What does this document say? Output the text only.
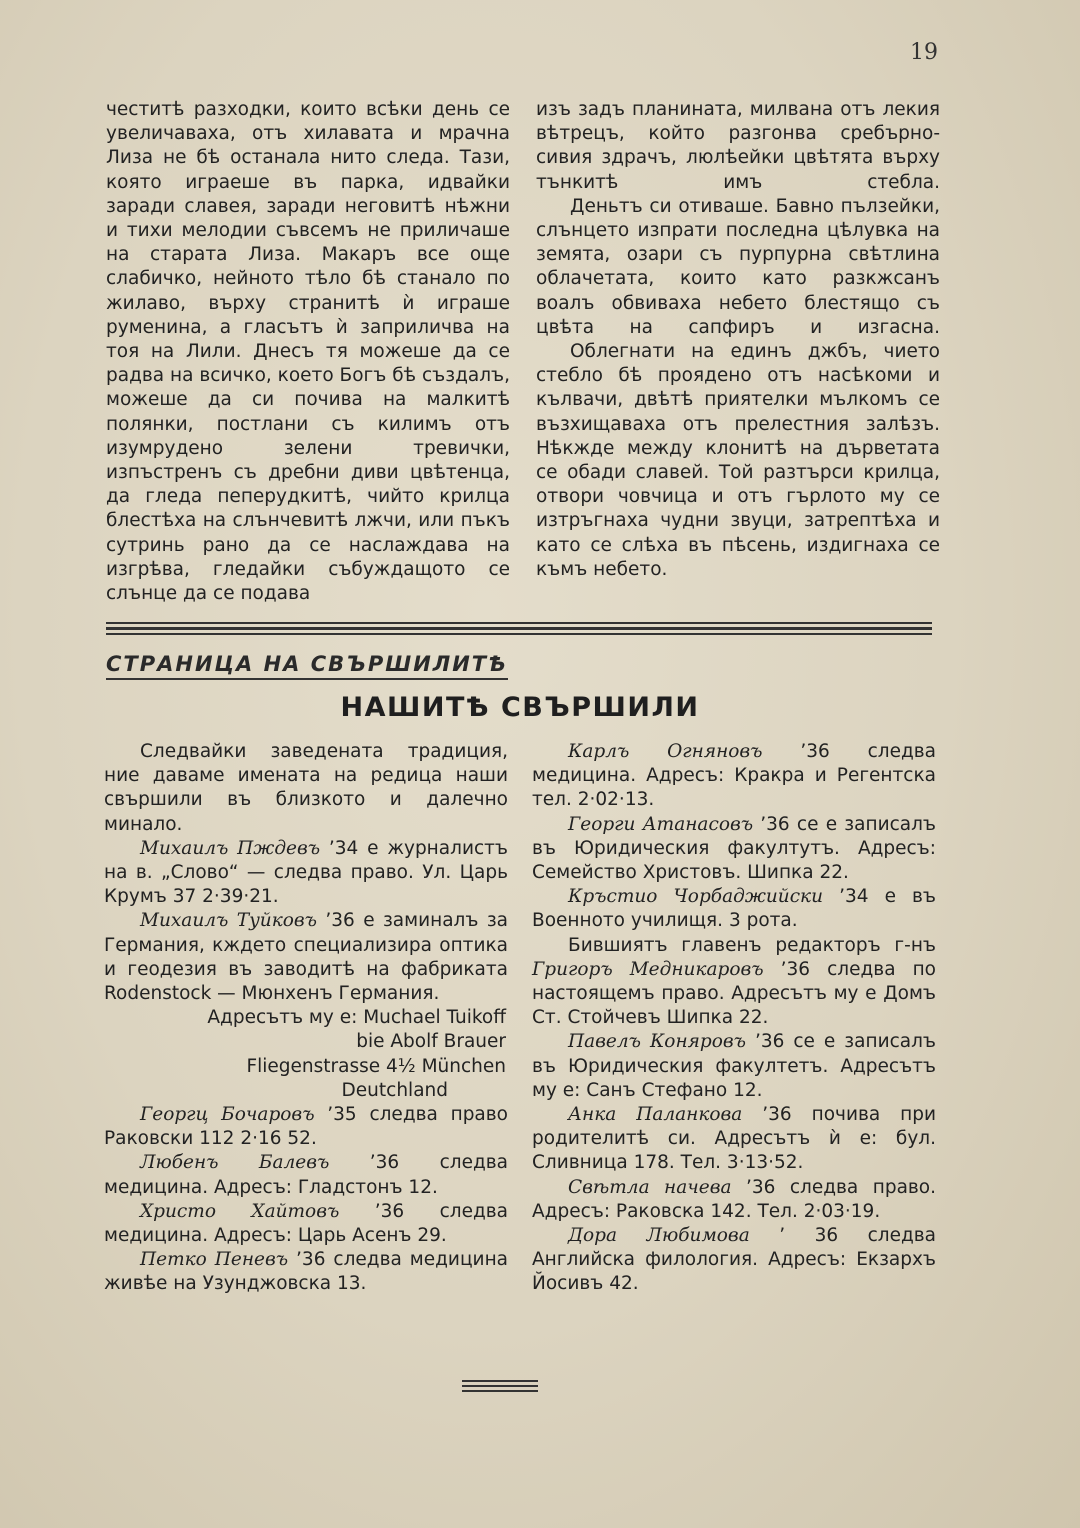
19

честитѣ разходки, които всѣки день се увеличаваха, отъ хилавата и мрачна Лиза не бѣ останала нито следа. Тази, която играеше въ парка, идвайки заради славея, заради неговитѣ нѣжни и тихи мелодии съвсемъ не приличаше на старата Лиза. Макаръ все още слабичко, нейното тѣло бѣ станало по жилаво, върху странитѣ ѝ играше руменина, а гласътъ ѝ заприличва на тоя на Лили. Днесъ тя можеше да се радва на всичко, което Богъ бѣ създалъ, можеше да си почива на малкитѣ полянки, постлани съ килимъ отъ изумрудено зелени тревички, изпъстренъ съ дребни диви цвѣтенца, да гледа пеперудкитѣ, чийто крилца блестѣха на слънчевитѣ лжчи, или пъкъ сутринь рано да се наслаждава на изгрѣва, гледайки събуждащото се слънце да се подава

изъ задъ планината, милвана отъ лекия вѣтрецъ, който разгонва сребърно-сивия здрачъ, люлѣейки цвѣтята върху тънкитѣ имъ стебла.

Деньтъ си отиваше. Бавно пълзейки, слънцето изпрати последна цѣлувка на земята, озари съ пурпурна свѣтлина облачетата, които като разкжсанъ воалъ обвиваха небето блестящо съ цвѣта на сапфиръ и изгасна.

Облегнати на единъ джбъ, чието стебло бѣ проядено отъ насѣкоми и кълвачи, двѣтѣ приятелки мълкомъ се възхищаваха отъ прелестния залѣзъ. Нѣкжде между клонитѣ на дърветата се обади славей. Той разтърси крилца, отвори човчица и отъ гърлото му се изтръгнаха чудни звуци, затрептѣха и като се слѣха въ пѣсень, издигнаха се къмъ небето.

СТРАНИЦА НА СВЪРШИЛИТѢ
НАШИТѢ СВЪРШИЛИ

Следвайки заведената традиция, ние даваме имената на редица наши свършили въ близкото и далечно минало.

Михаилъ Пждевъ ’34 е журналистъ на в. „Слово“ — следва право. Ул. Царь Крумъ 37 2·39·21.

Михаилъ Туйковъ ’36 е заминалъ за Германия, кждето специализира оптика и геодезия въ заводитѣ на фабриката Rodenstock — Мюнхенъ Германия.

Адресътъ му е: Muchael Tuikoff
bie Abolf Brauer
Fliegenstrasse 4½ München
Deutchland

Георгц Бочаровъ ’35 следва право Раковски 112 2·16 52.

Любенъ Балевъ ’36 следва медицина. Адресъ: Гладстонъ 12.

Христо Хайтовъ ’36 следва медицина. Адресъ: Царь Асенъ 29.

Петко Пеневъ ’36 следва медицина живѣе на Узунджовска 13.

Карлъ Огняновъ ’36 следва медицина. Адресъ: Кракра и Регентска тел. 2·02·13.

Георги Атанасовъ ’36 се е записалъ въ Юридическия факултутъ. Адресъ: Семейство Христовъ. Шипка 22.

Кръстио Чорбаджийски ’34 е въ Военното училищя. 3 рота.

Бившиятъ главенъ редакторъ г-нъ Григоръ Медникаровъ ’36 следва по настоящемъ право. Адресътъ му е Домъ Ст. Стойчевъ Шипка 22.

Павелъ Коняровъ ’36 се е записалъ въ Юридическия факултетъ. Адресътъ му е: Санъ Стефано 12.

Анка Паланкова ’36 почива при родителитѣ си. Адресътъ ѝ е: бул. Сливница 178. Тел. 3·13·52.

Свѣтла начева ’36 следва право. Адресъ: Раковска 142. Тел. 2·03·19.

Дора Любимова ’ 36 следва Английска филология. Адресъ: Екзархъ Йосивъ 42.
